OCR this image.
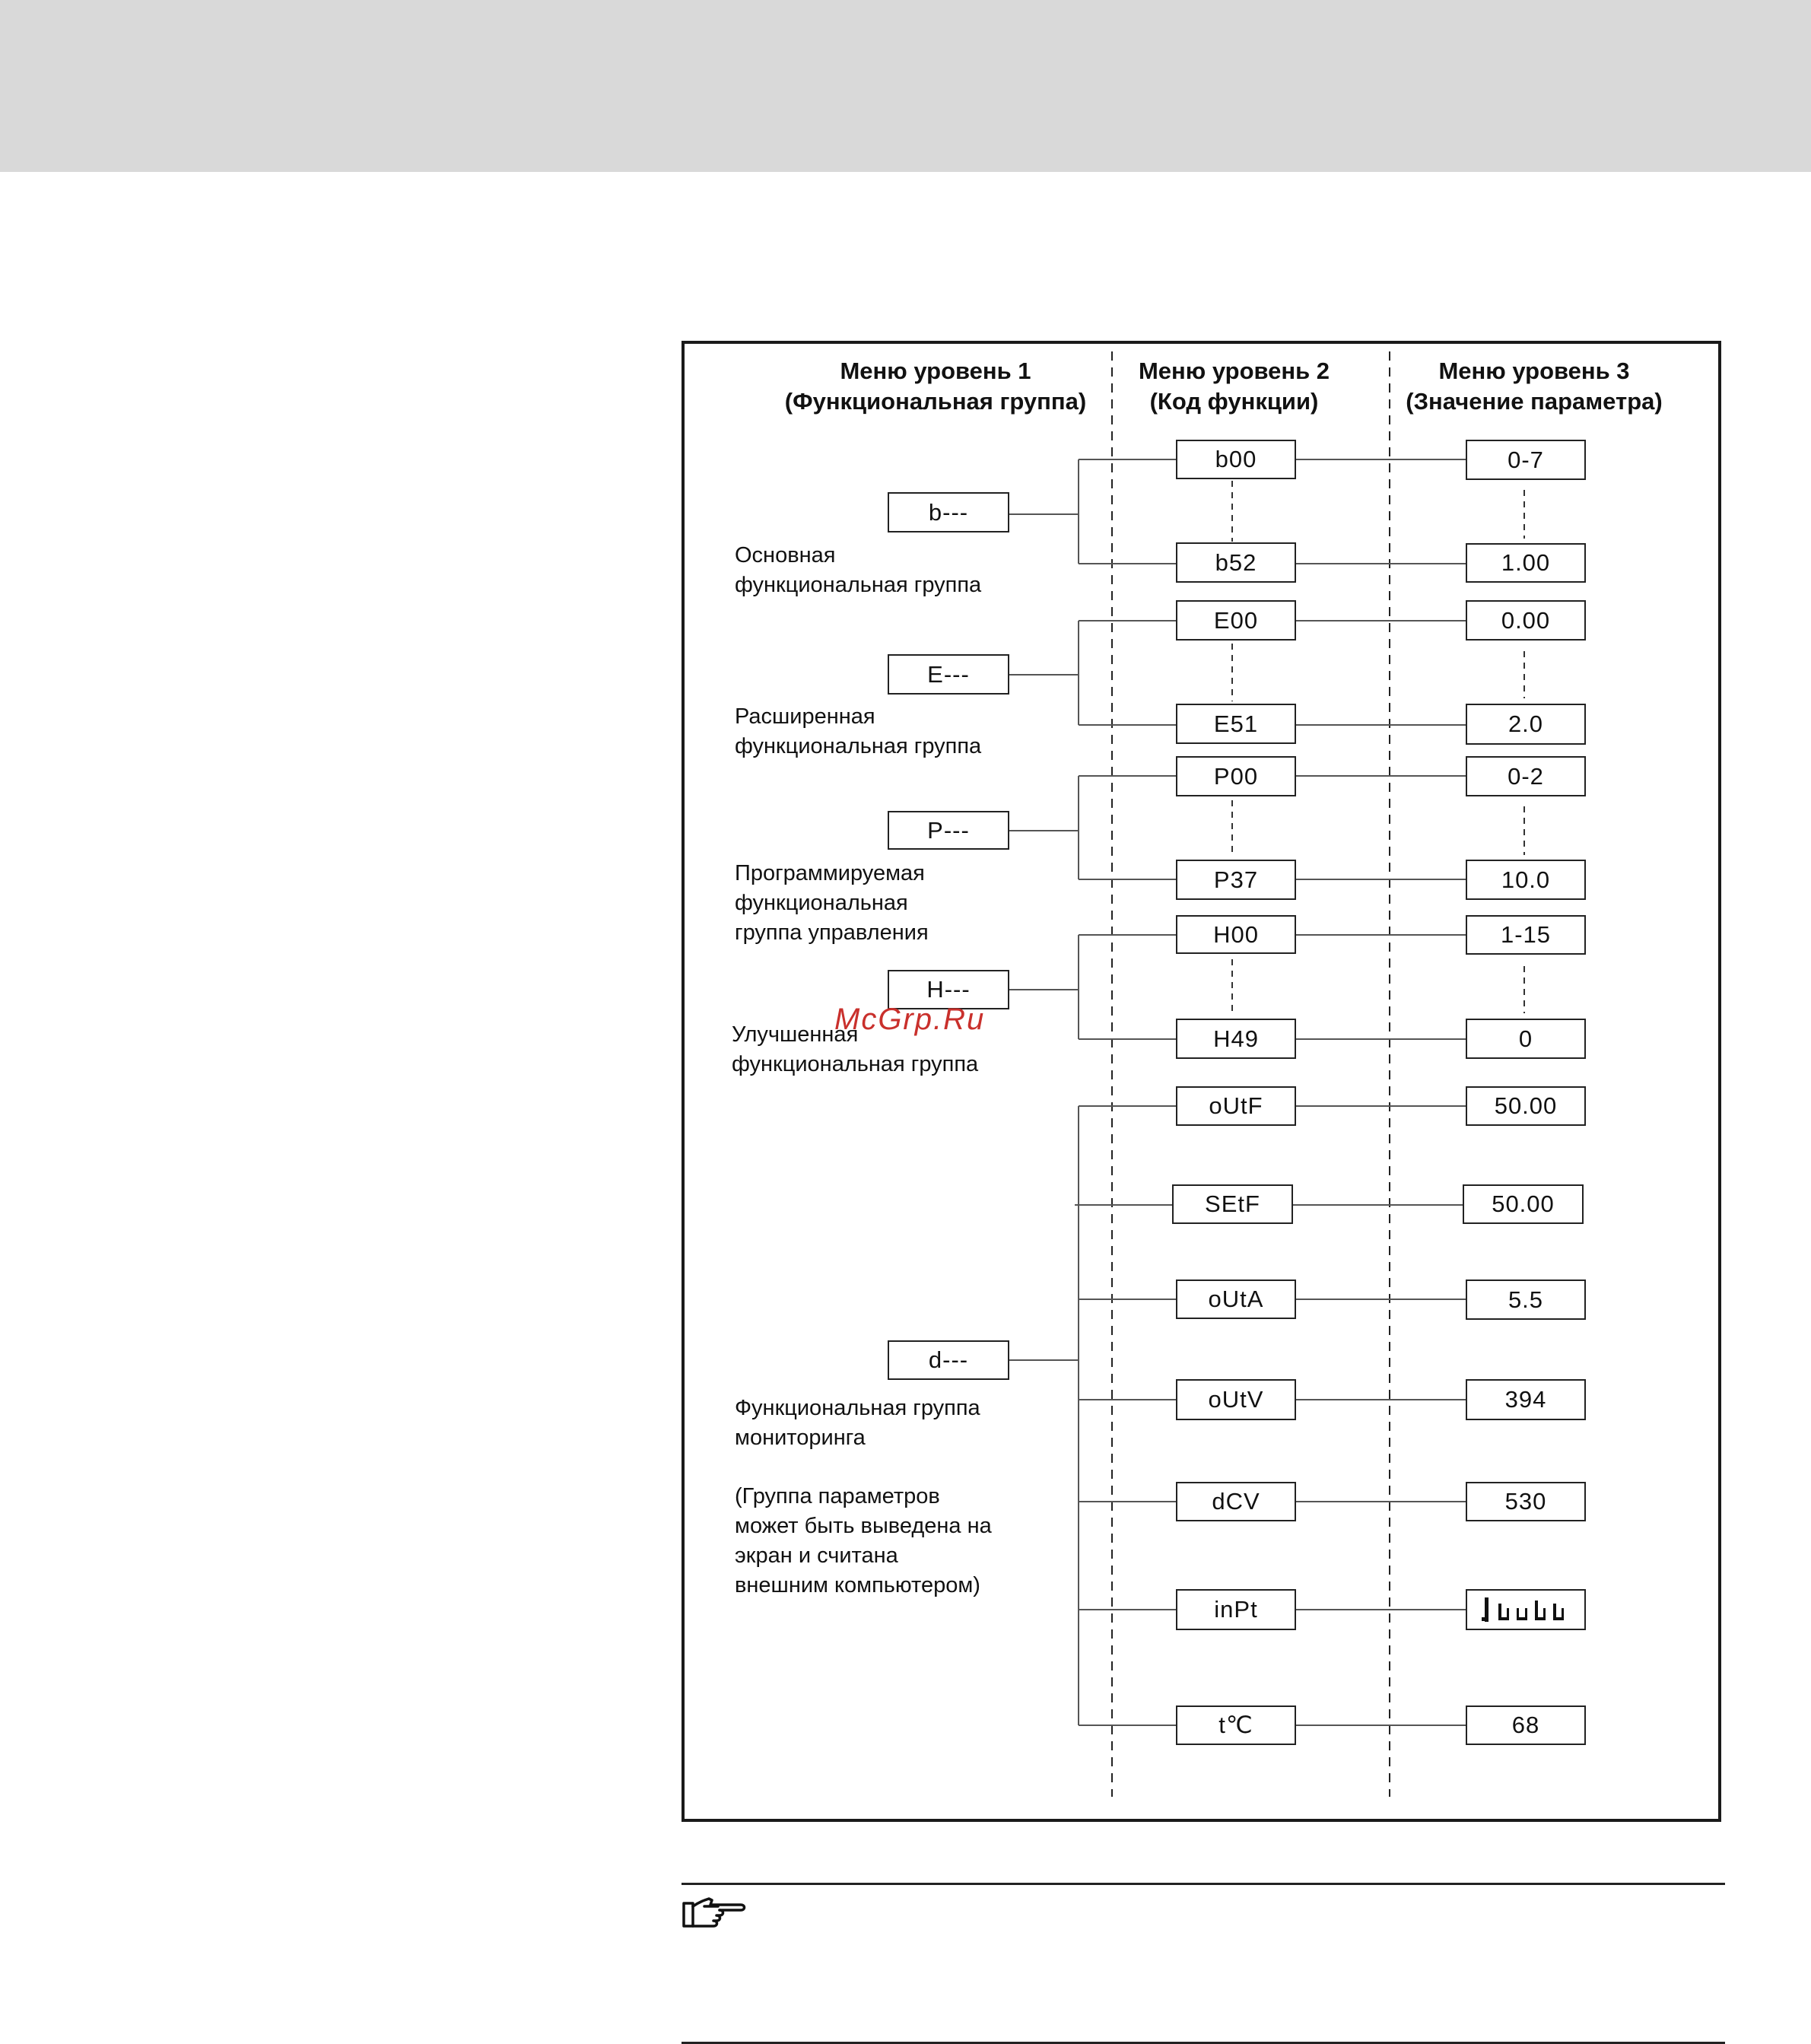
Меню уровень 1
(Функциональная группа)
Меню уровень 2
(Код функции)
Меню уровень 3
(Значение параметра)
b---
E---
P---
H---
d---
Основная
функциональная группа
Расширенная
функциональная группа
Программируемая
функциональная
группа управления
Улучшенная
функциональная группа
Функциональная группа
мониторинга
(Группа параметров
может быть выведена на
экран и считана
внешним компьютером)
b00
b52
E00
E51
P00
P37
H00
H49
oUtF
SEtF
oUtA
oUtV
dCV
inPt
t℃
0-7
1.00
0.00
2.0
0-2
10.0
1-15
0
50.00
50.00
5.5
394
530
68
McGrp.Ru
